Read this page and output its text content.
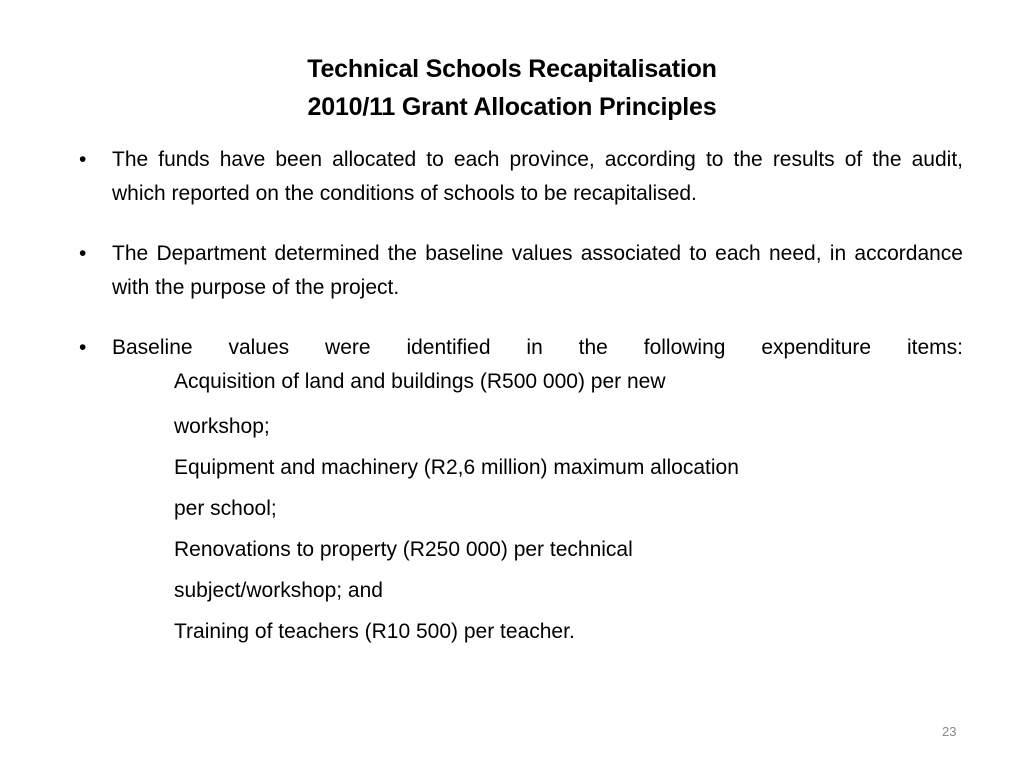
Technical Schools Recapitalisation
2010/11 Grant Allocation Principles
• The funds have been allocated to each province, according to the results of the audit, which reported on the conditions of schools to be recapitalised.
• The Department determined the baseline values associated to each need, in accordance with the purpose of the project.
• Baseline values were identified in the following expenditure items:
Acquisition of land and buildings (R500 000) per new
workshop;
Equipment and machinery (R2,6 million) maximum allocation
per school;
Renovations to property (R250 000) per technical
subject/workshop; and
Training of teachers (R10 500) per teacher.
23
